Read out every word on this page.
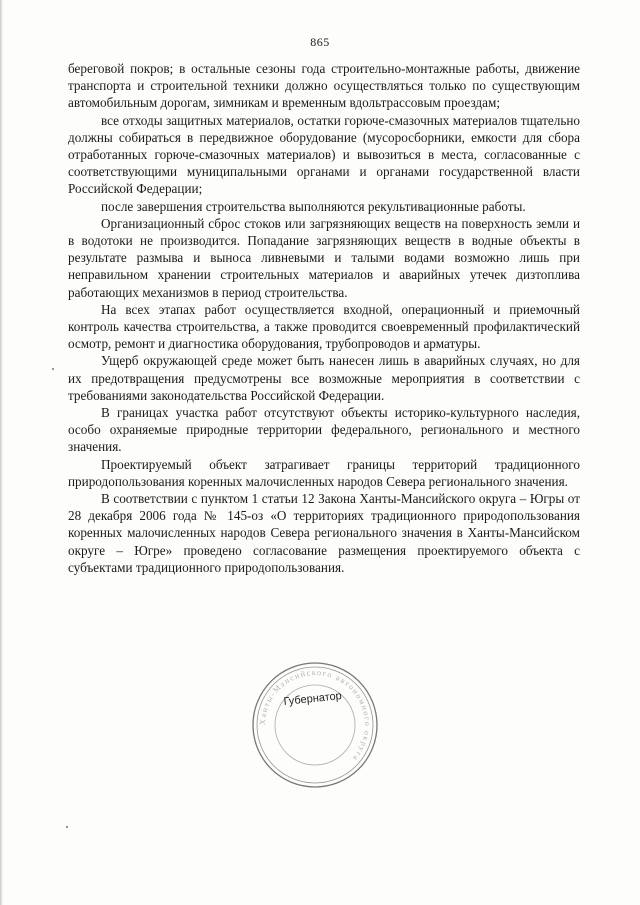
865

береговой покров; в остальные сезоны года строительно-монтажные работы, движение транспорта и строительной техники должно осуществляться только по существующим автомобильным дорогам, зимникам и временным вдольтрассовым проездам;

все отходы защитных материалов, остатки горюче-смазочных материалов тщательно должны собираться в передвижное оборудование (мусоросборники, емкости для сбора отработанных горюче-смазочных материалов) и вывозиться в места, согласованные с соответствующими муниципальными органами и органами государственной власти Российской Федерации;

после завершения строительства выполняются рекультивационные работы.

Организационный сброс стоков или загрязняющих веществ на поверхность земли и в водотоки не производится. Попадание загрязняющих веществ в водные объекты в результате размыва и выноса ливневыми и талыми водами возможно лишь при неправильном хранении строительных материалов и аварийных утечек дизтоплива работающих механизмов в период строительства.

На всех этапах работ осуществляется входной, операционный и приемочный контроль качества строительства, а также проводится своевременный профилактический осмотр, ремонт и диагностика оборудования, трубопроводов и арматуры.

Ущерб окружающей среде может быть нанесен лишь в аварийных случаях, но для их предотвращения предусмотрены все возможные мероприятия в соответствии с требованиями законодательства Российской Федерации.

В границах участка работ отсутствуют объекты историко-культурного наследия, особо охраняемые природные территории федерального, регионального и местного значения.

Проектируемый объект затрагивает границы территорий традиционного природопользования коренных малочисленных народов Севера регионального значения.

В соответствии с пунктом 1 статьи 12 Закона Ханты-Мансийского округа – Югры от 28 декабря 2006 года № 145-оз «О территориях традиционного природопользования коренных малочисленных народов Севера регионального значения в Ханты-Мансийском округе – Югре» проведено согласование размещения проектируемого объекта с субъектами традиционного природопользования.

Ханты-Мансийского автономного округа
Губернатор
